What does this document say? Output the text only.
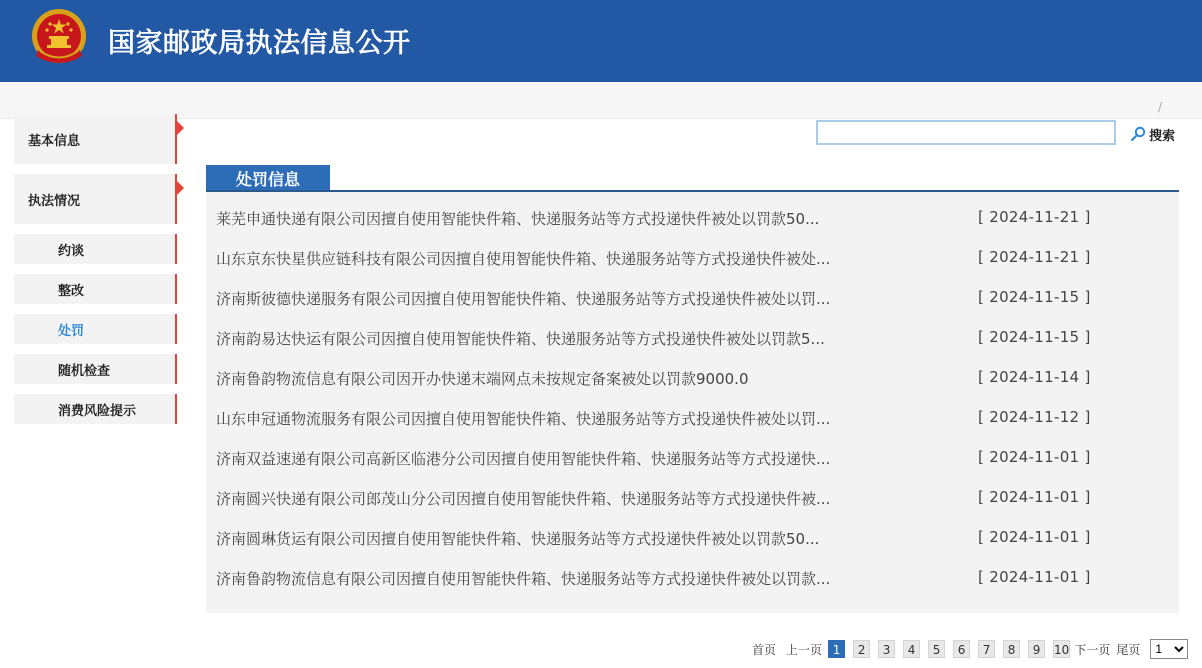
国家邮政局执法信息公开
/
基本信息
执法情况
约谈
整改
处罚
随机检查
消费风险提示
搜索
处罚信息
莱芜申通快递有限公司因擅自使用智能快件箱、快递服务站等方式投递快件被处以罚款50...	[ 2024-11-21 ]
山东京东快星供应链科技有限公司因擅自使用智能快件箱、快递服务站等方式投递快件被处...	[ 2024-11-21 ]
济南斯彼德快递服务有限公司因擅自使用智能快件箱、快递服务站等方式投递快件被处以罚...	[ 2024-11-15 ]
济南韵易达快运有限公司因擅自使用智能快件箱、快递服务站等方式投递快件被处以罚款5...	[ 2024-11-15 ]
济南鲁韵物流信息有限公司因开办快递末端网点未按规定备案被处以罚款9000.0	[ 2024-11-14 ]
山东申冠通物流服务有限公司因擅自使用智能快件箱、快递服务站等方式投递快件被处以罚...	[ 2024-11-12 ]
济南双益速递有限公司高新区临港分公司因擅自使用智能快件箱、快递服务站等方式投递快...	[ 2024-11-01 ]
济南圆兴快递有限公司郎茂山分公司因擅自使用智能快件箱、快递服务站等方式投递快件被...	[ 2024-11-01 ]
济南圆琳货运有限公司因擅自使用智能快件箱、快递服务站等方式投递快件被处以罚款50...	[ 2024-11-01 ]
济南鲁韵物流信息有限公司因擅自使用智能快件箱、快递服务站等方式投递快件被处以罚款...	[ 2024-11-01 ]
首页 上一页 1	2	3	4	5	6	7	8	9	10 下一页 尾页
1
